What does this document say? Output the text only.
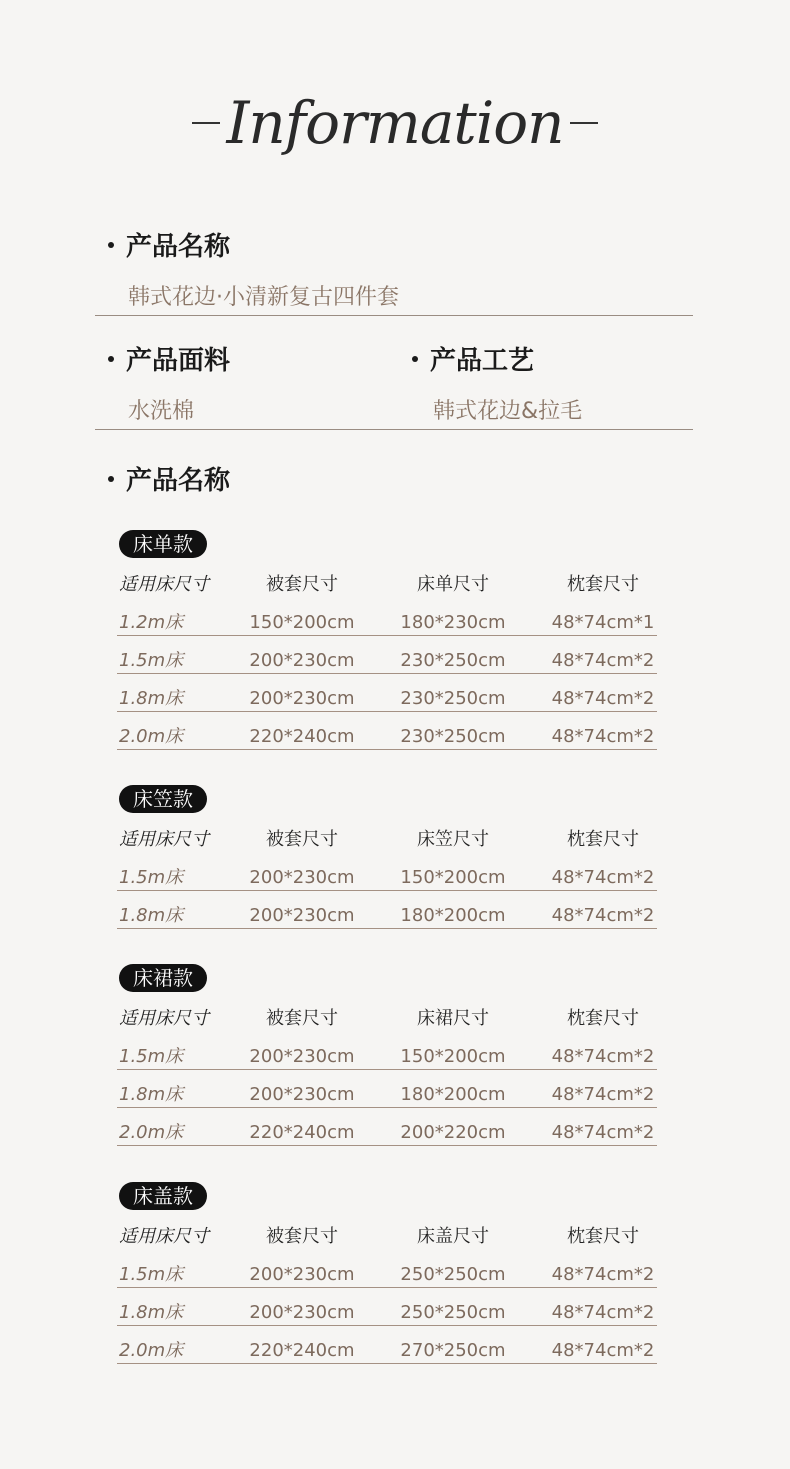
Information
产品名称
韩式花边·小清新复古四件套
产品面料
水洗棉
产品工艺
韩式花边&拉毛
产品名称
床单款
适用床尺寸	被套尺寸	床单尺寸	枕套尺寸
1.2m床	150*200cm	180*230cm	48*74cm*1
1.5m床	200*230cm	230*250cm	48*74cm*2
1.8m床	200*230cm	230*250cm	48*74cm*2
2.0m床	220*240cm	230*250cm	48*74cm*2
床笠款
适用床尺寸	被套尺寸	床笠尺寸	枕套尺寸
1.5m床	200*230cm	150*200cm	48*74cm*2
1.8m床	200*230cm	180*200cm	48*74cm*2
床裙款
适用床尺寸	被套尺寸	床裙尺寸	枕套尺寸
1.5m床	200*230cm	150*200cm	48*74cm*2
1.8m床	200*230cm	180*200cm	48*74cm*2
2.0m床	220*240cm	200*220cm	48*74cm*2
床盖款
适用床尺寸	被套尺寸	床盖尺寸	枕套尺寸
1.5m床	200*230cm	250*250cm	48*74cm*2
1.8m床	200*230cm	250*250cm	48*74cm*2
2.0m床	220*240cm	270*250cm	48*74cm*2
